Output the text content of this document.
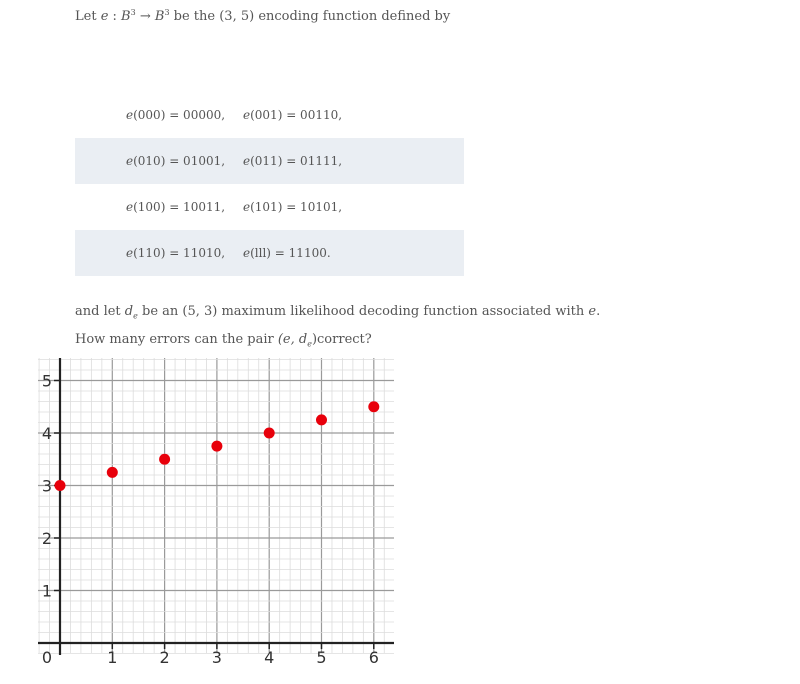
Let e : $B^3 \to B^3$ be the (3, 5) encoding function defined by
e(000) = 00000,	e(001) = 00110,
e(010) = 01001,	e(011) = 01111,
e(100) = 10011,	e(101) = 10101,
e(110) = 11010,	e(lll) = 11100.
and let $d_e$ be an (5, 3) maximum likelihood decoding function associated with e.
How many errors can the pair (e, $d_e)correct$?
1	2	3	4	5	6
0
1
2
3
4
5
